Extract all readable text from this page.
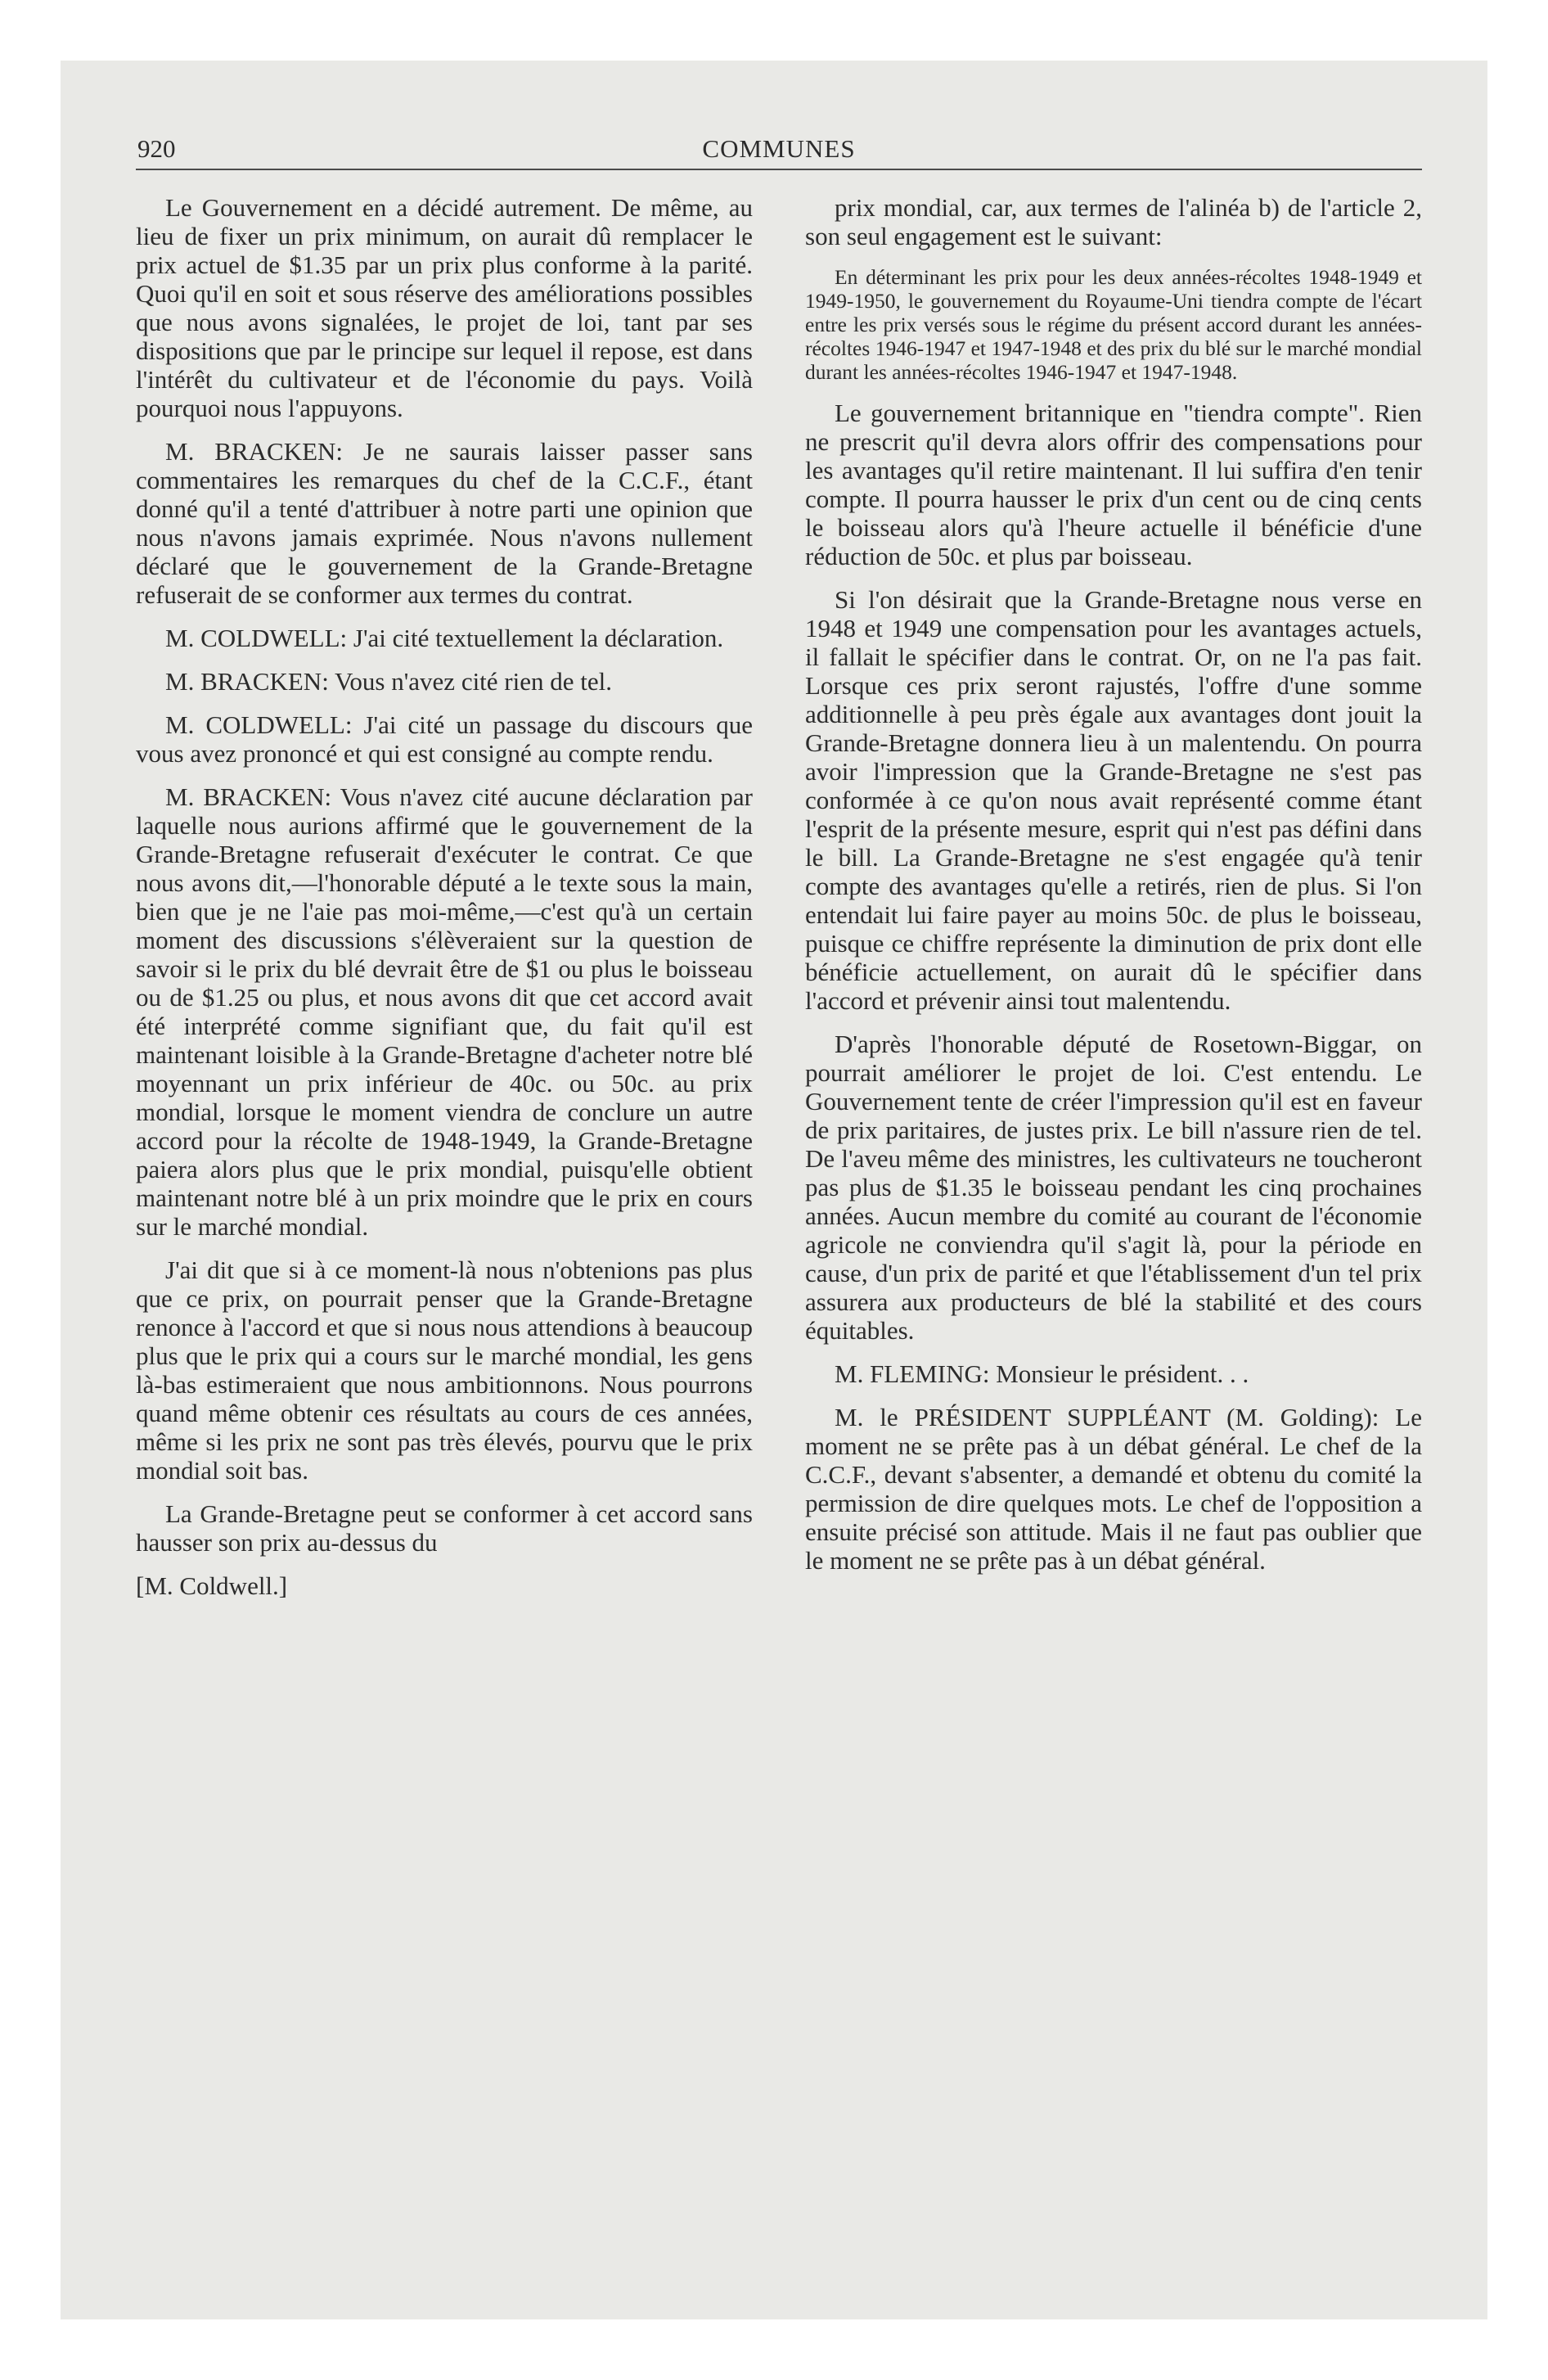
920	COMMUNES

Le Gouvernement en a décidé autrement. De même, au lieu de fixer un prix minimum, on aurait dû remplacer le prix actuel de $1.35 par un prix plus conforme à la parité. Quoi qu'il en soit et sous réserve des améliorations possibles que nous avons signalées, le projet de loi, tant par ses dispositions que par le principe sur lequel il repose, est dans l'intérêt du cultivateur et de l'économie du pays. Voilà pourquoi nous l'appuyons.

M. BRACKEN: Je ne saurais laisser passer sans commentaires les remarques du chef de la C.C.F., étant donné qu'il a tenté d'attribuer à notre parti une opinion que nous n'avons jamais exprimée. Nous n'avons nullement déclaré que le gouvernement de la Grande-Bretagne refuserait de se conformer aux termes du contrat.

M. COLDWELL: J'ai cité textuellement la déclaration.

M. BRACKEN: Vous n'avez cité rien de tel.

M. COLDWELL: J'ai cité un passage du discours que vous avez prononcé et qui est consigné au compte rendu.

M. BRACKEN: Vous n'avez cité aucune déclaration par laquelle nous aurions affirmé que le gouvernement de la Grande-Bretagne refuserait d'exécuter le contrat. Ce que nous avons dit,—l'honorable député a le texte sous la main, bien que je ne l'aie pas moi-même,—c'est qu'à un certain moment des discussions s'élèveraient sur la question de savoir si le prix du blé devrait être de $1 ou plus le boisseau ou de $1.25 ou plus, et nous avons dit que cet accord avait été interprété comme signifiant que, du fait qu'il est maintenant loisible à la Grande-Bretagne d'acheter notre blé moyennant un prix inférieur de 40c. ou 50c. au prix mondial, lorsque le moment viendra de conclure un autre accord pour la récolte de 1948-1949, la Grande-Bretagne paiera alors plus que le prix mondial, puisqu'elle obtient maintenant notre blé à un prix moindre que le prix en cours sur le marché mondial.

J'ai dit que si à ce moment-là nous n'obtenions pas plus que ce prix, on pourrait penser que la Grande-Bretagne renonce à l'accord et que si nous nous attendions à beaucoup plus que le prix qui a cours sur le marché mondial, les gens là-bas estimeraient que nous ambitionnons. Nous pourrons quand même obtenir ces résultats au cours de ces années, même si les prix ne sont pas très élevés, pourvu que le prix mondial soit bas.

La Grande-Bretagne peut se conformer à cet accord sans hausser son prix au-dessus du

[M. Coldwell.]

prix mondial, car, aux termes de l'alinéa b) de l'article 2, son seul engagement est le suivant:

En déterminant les prix pour les deux années-récoltes 1948-1949 et 1949-1950, le gouvernement du Royaume-Uni tiendra compte de l'écart entre les prix versés sous le régime du présent accord durant les années-récoltes 1946-1947 et 1947-1948 et des prix du blé sur le marché mondial durant les années-récoltes 1946-1947 et 1947-1948.

Le gouvernement britannique en "tiendra compte". Rien ne prescrit qu'il devra alors offrir des compensations pour les avantages qu'il retire maintenant. Il lui suffira d'en tenir compte. Il pourra hausser le prix d'un cent ou de cinq cents le boisseau alors qu'à l'heure actuelle il bénéficie d'une réduction de 50c. et plus par boisseau.

Si l'on désirait que la Grande-Bretagne nous verse en 1948 et 1949 une compensation pour les avantages actuels, il fallait le spécifier dans le contrat. Or, on ne l'a pas fait. Lorsque ces prix seront rajustés, l'offre d'une somme additionnelle à peu près égale aux avantages dont jouit la Grande-Bretagne donnera lieu à un malentendu. On pourra avoir l'impression que la Grande-Bretagne ne s'est pas conformée à ce qu'on nous avait représenté comme étant l'esprit de la présente mesure, esprit qui n'est pas défini dans le bill. La Grande-Bretagne ne s'est engagée qu'à tenir compte des avantages qu'elle a retirés, rien de plus. Si l'on entendait lui faire payer au moins 50c. de plus le boisseau, puisque ce chiffre représente la diminution de prix dont elle bénéficie actuellement, on aurait dû le spécifier dans l'accord et prévenir ainsi tout malentendu.

D'après l'honorable député de Rosetown-Biggar, on pourrait améliorer le projet de loi. C'est entendu. Le Gouvernement tente de créer l'impression qu'il est en faveur de prix paritaires, de justes prix. Le bill n'assure rien de tel. De l'aveu même des ministres, les cultivateurs ne toucheront pas plus de $1.35 le boisseau pendant les cinq prochaines années. Aucun membre du comité au courant de l'économie agricole ne conviendra qu'il s'agit là, pour la période en cause, d'un prix de parité et que l'établissement d'un tel prix assurera aux producteurs de blé la stabilité et des cours équitables.

M. FLEMING: Monsieur le président. . .

M. le PRÉSIDENT SUPPLÉANT (M. Golding): Le moment ne se prête pas à un débat général. Le chef de la C.C.F., devant s'absenter, a demandé et obtenu du comité la permission de dire quelques mots. Le chef de l'opposition a ensuite précisé son attitude. Mais il ne faut pas oublier que le moment ne se prête pas à un débat général.
